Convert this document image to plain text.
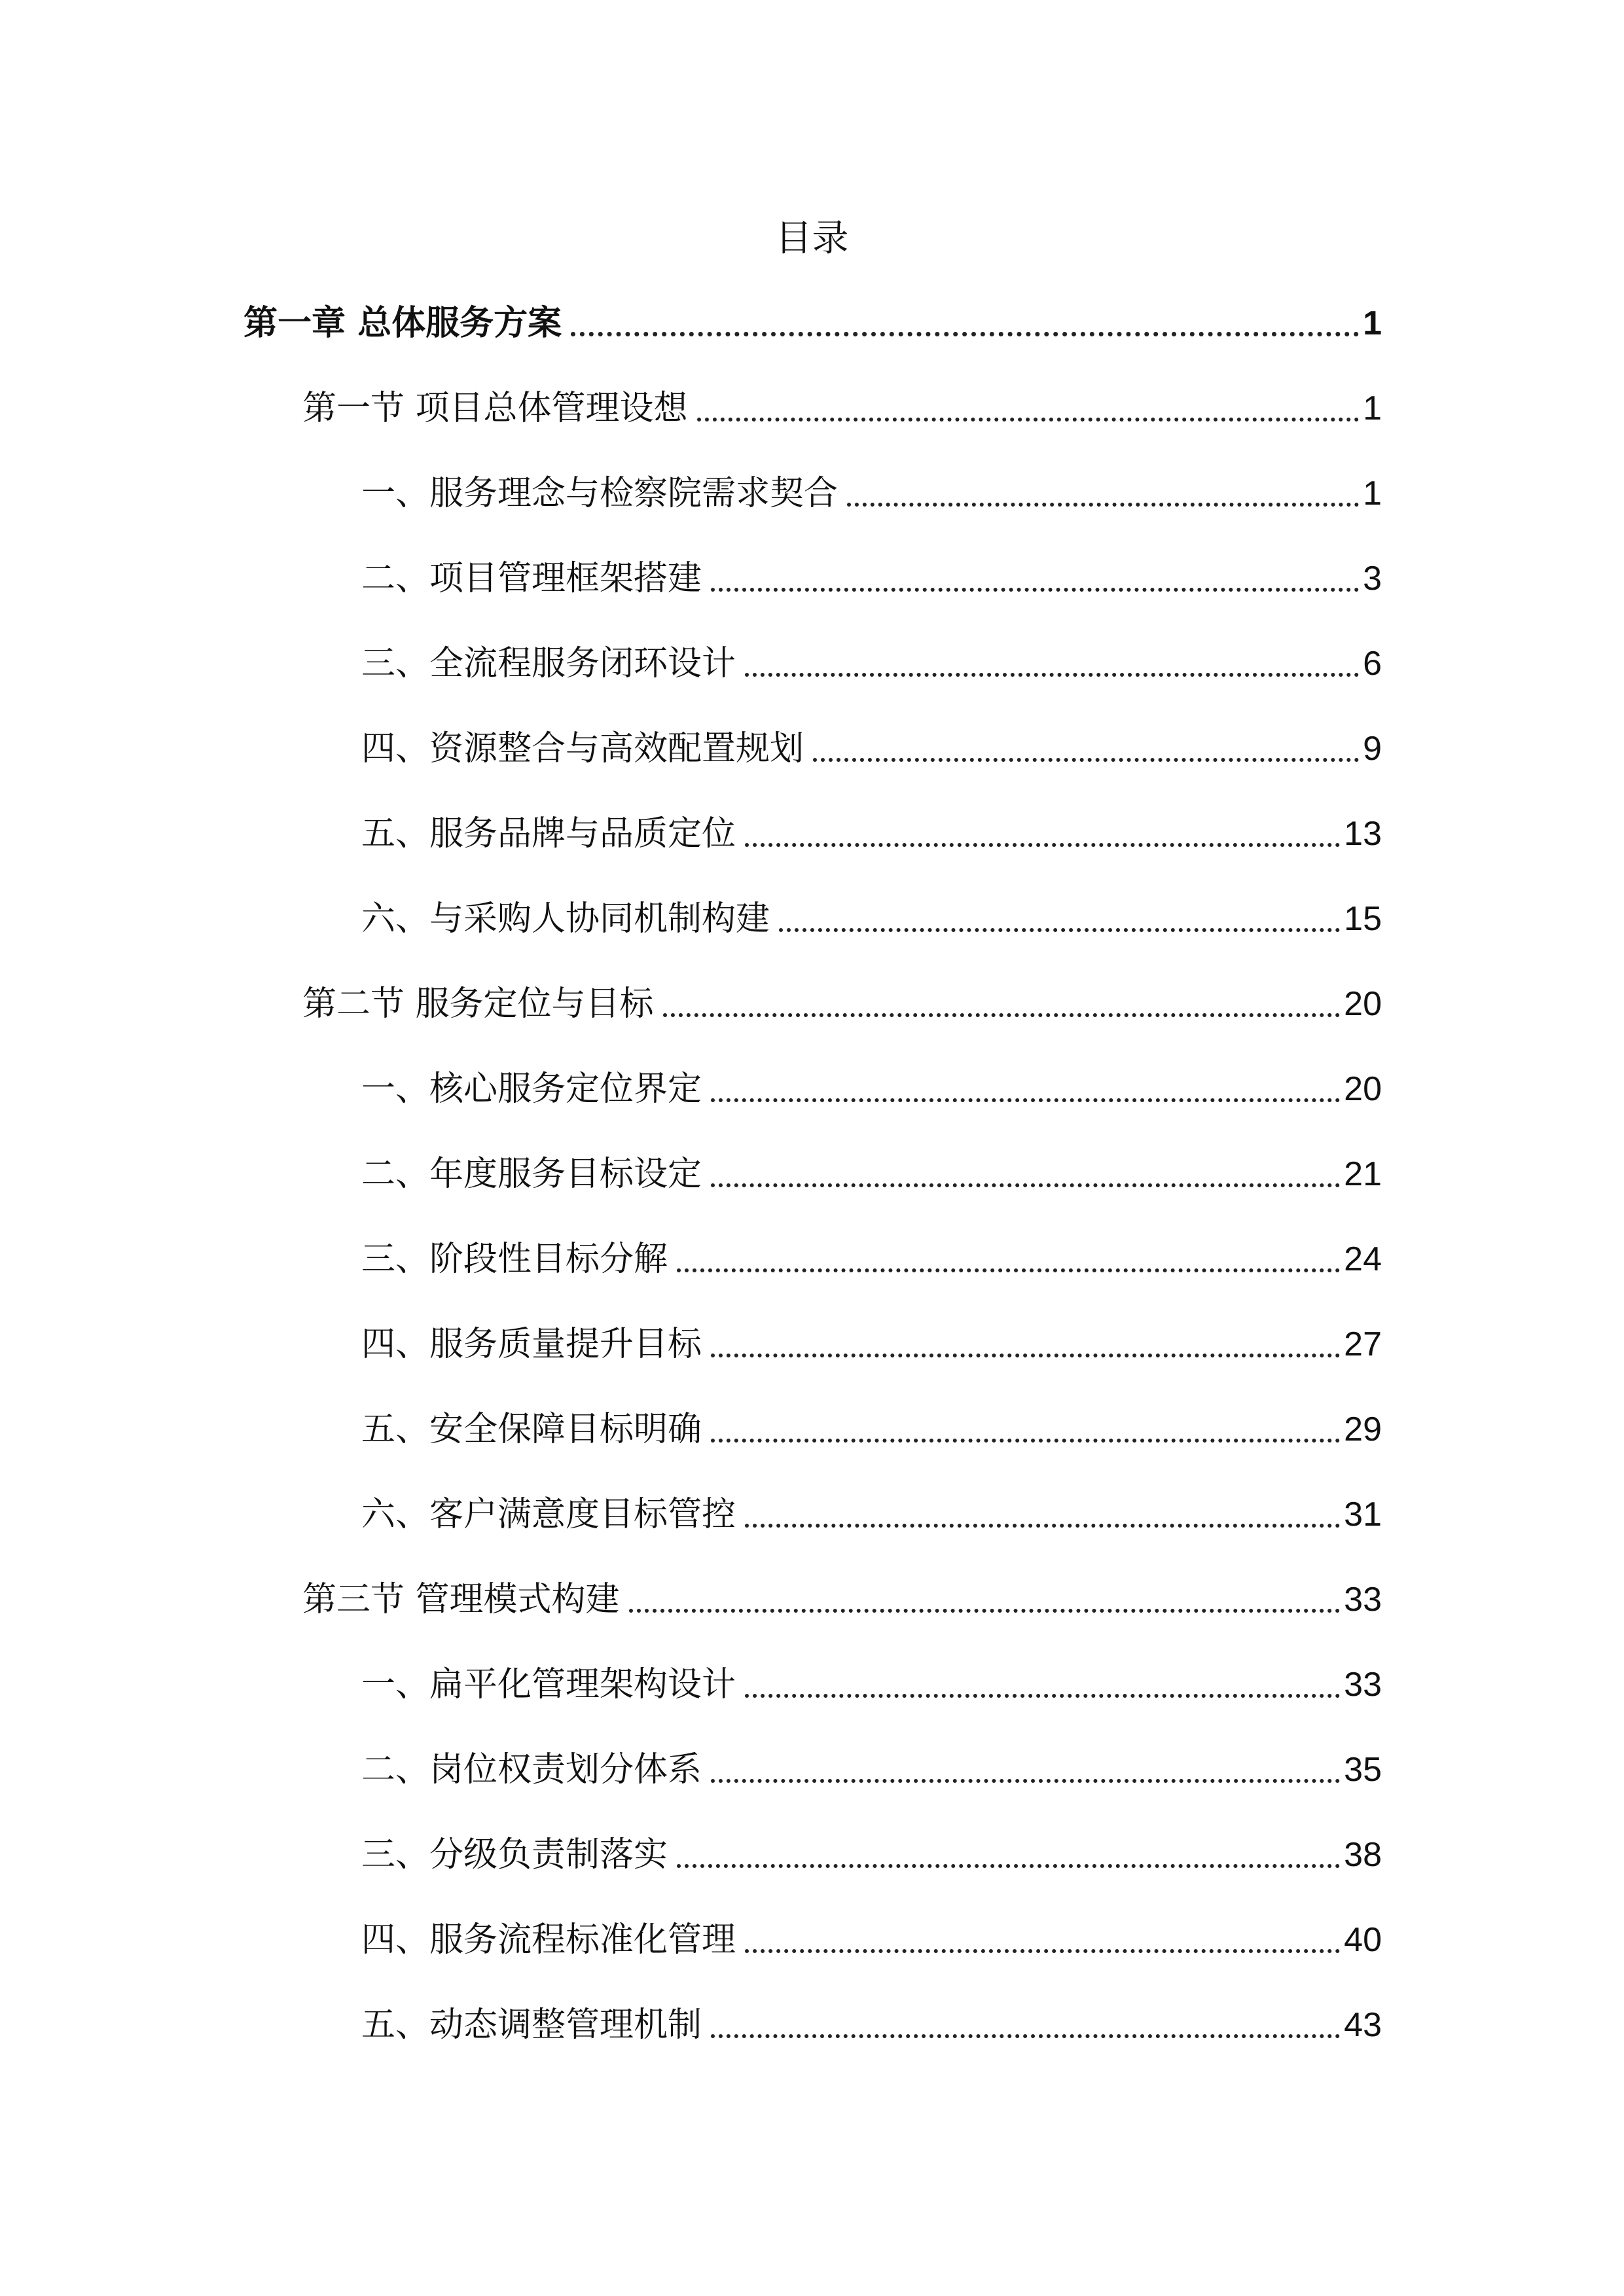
目录
第一章 总体服务方案	1
第一节 项目总体管理设想	1
一、服务理念与检察院需求契合	1
二、项目管理框架搭建	3
三、全流程服务闭环设计	6
四、资源整合与高效配置规划	9
五、服务品牌与品质定位	13
六、与采购人协同机制构建	15
第二节 服务定位与目标	20
一、核心服务定位界定	20
二、年度服务目标设定	21
三、阶段性目标分解	24
四、服务质量提升目标	27
五、安全保障目标明确	29
六、客户满意度目标管控	31
第三节 管理模式构建	33
一、扁平化管理架构设计	33
二、岗位权责划分体系	35
三、分级负责制落实	38
四、服务流程标准化管理	40
五、动态调整管理机制	43
